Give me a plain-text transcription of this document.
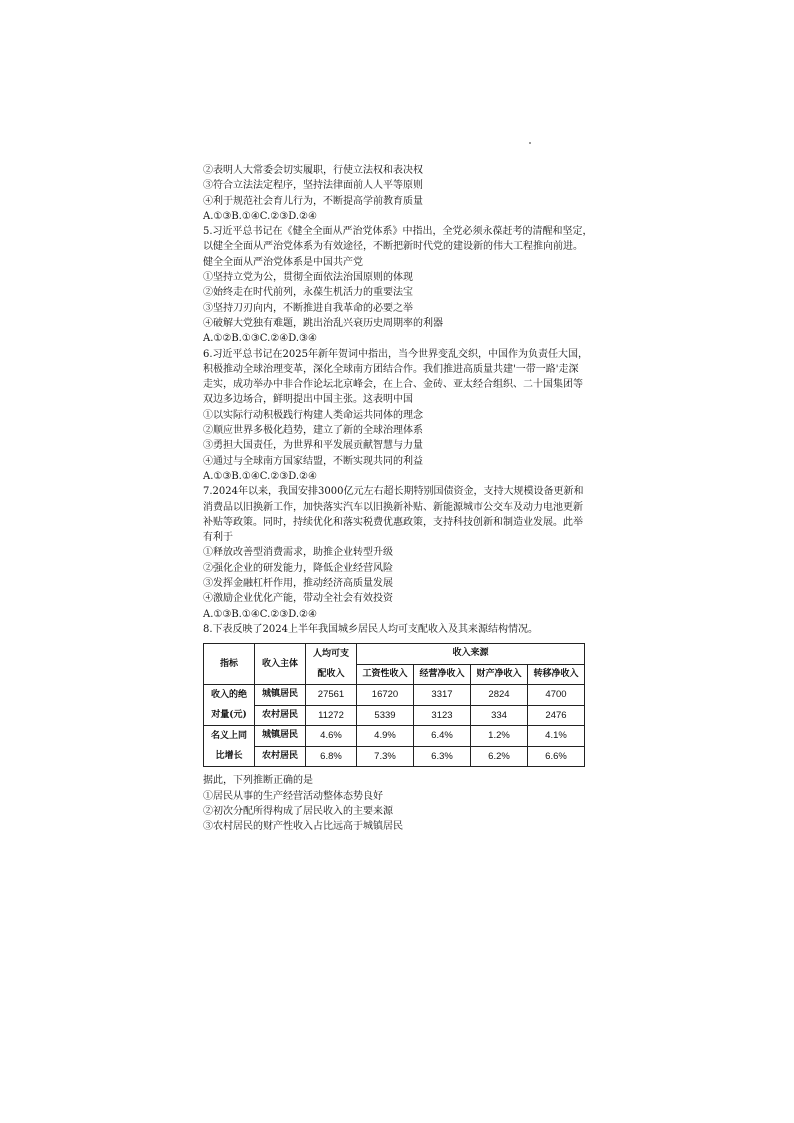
②表明人大常委会切实履职，行使立法权和表决权
③符合立法法定程序，坚持法律面前人人平等原则
④利于规范社会育儿行为，不断提高学前教育质量
A.①③B.①④C.②③D.②④
5.习近平总书记在《健全全面从严治党体系》中指出，全党必须永葆赶考的清醒和坚定，
以健全全面从严治党体系为有效途径，不断把新时代党的建设新的伟大工程推向前进。
健全全面从严治党体系是中国共产党
①坚持立党为公，贯彻全面依法治国原则的体现
②始终走在时代前列，永葆生机活力的重要法宝
③坚持刀刃向内，不断推进自我革命的必要之举
④破解大党独有难题，跳出治乱兴衰历史周期率的利器
A.①②B.①③C.②④D.③④
6.习近平总书记在2025年新年贺词中指出，当今世界变乱交织，中国作为负责任大国，
积极推动全球治理变革，深化全球南方团结合作。我们推进高质量共建'一带一路'走深
走实，成功举办中非合作论坛北京峰会，在上合、金砖、亚太经合组织、二十国集团等
双边多边场合，鲜明提出中国主张。这表明中国
①以实际行动积极践行构建人类命运共同体的理念
②顺应世界多极化趋势，建立了新的全球治理体系
③勇担大国责任，为世界和平发展贡献智慧与力量
④通过与全球南方国家结盟，不断实现共同的利益
A.①③B.①④C.②③D.②④
7.2024年以来，我国安排3000亿元左右超长期特别国债资金，支持大规模设备更新和
消费品以旧换新工作，加快落实汽车以旧换新补贴、新能源城市公交车及动力电池更新
补贴等政策。同时，持续优化和落实税费优惠政策，支持科技创新和制造业发展。此举
有利于
①释放改善型消费需求，助推企业转型升级
②强化企业的研发能力，降低企业经营风险
③发挥金融杠杆作用，推动经济高质量发展
④激励企业优化产能，带动全社会有效投资
A.①③B.①④C.②③D.②④
8.下表反映了2024上半年我国城乡居民人均可支配收入及其来源结构情况。
指标	收入主体	人均可支	收入来源			
		配收入	工资性收入	经营净收入	财产净收入	转移净收入
收入的绝	城镇居民	27561	16720	3317	2824	4700
对量(元)	农村居民	11272	5339	3123	334	2476
名义上同	城镇居民	4.6%	4.9%	6.4%	1.2%	4.1%
比增长	农村居民	6.8%	7.3%	6.3%	6.2%	6.6%
据此，下列推断正确的是
①居民从事的生产经营活动整体态势良好
②初次分配所得构成了居民收入的主要来源
③农村居民的财产性收入占比远高于城镇居民
